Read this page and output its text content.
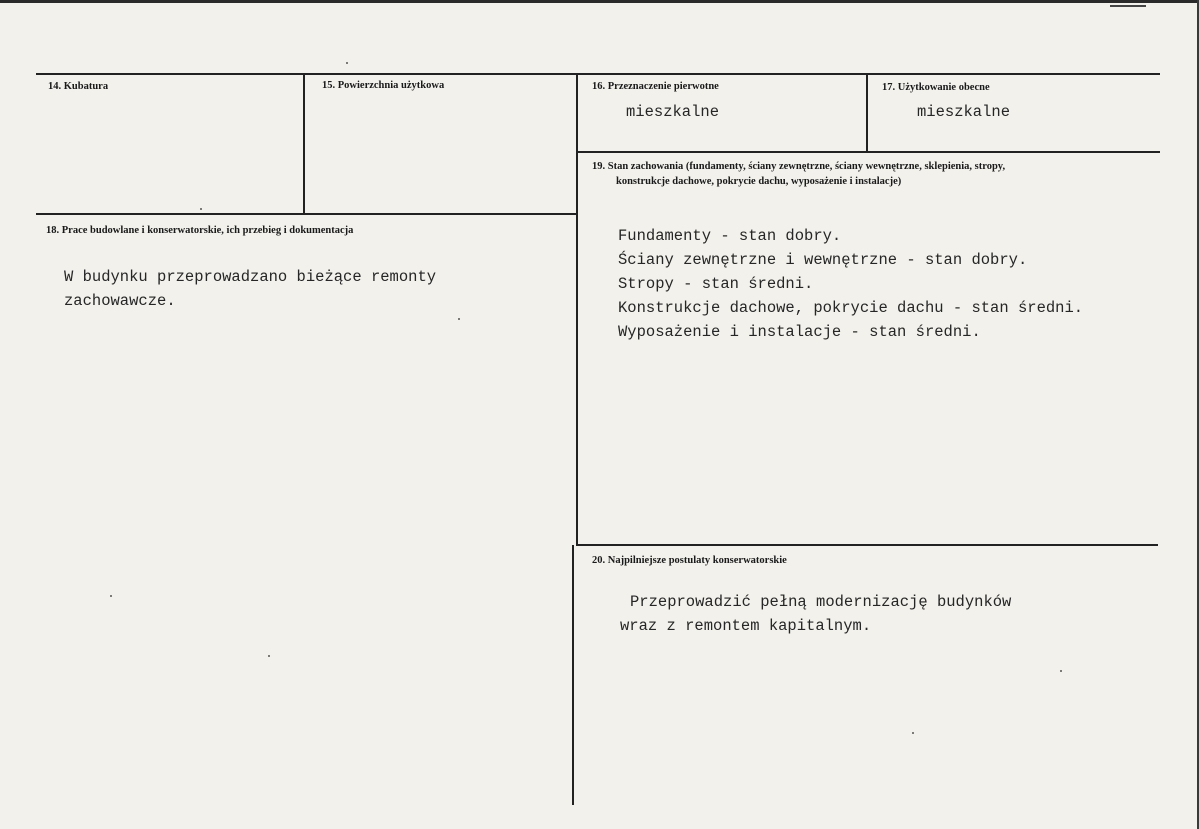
14. Kubatura	15. Powierzchnia użytkowa	16. Przeznaczenie pierwotne
mieszkalne
17. Użytkowanie obecne
mieszkalne
18. Prace budowlane i konserwatorskie, ich przebieg i dokumentacja
W budynku przeprowadzano bieżące remonty
zachowawcze.
19. Stan zachowania (fundamenty, ściany zewnętrzne, ściany wewnętrzne, sklepienia, stropy,
konstrukcje dachowe, pokrycie dachu, wyposażenie i instalacje)
Fundamenty - stan dobry.
Ściany zewnętrzne i wewnętrzne - stan dobry.
Stropy - stan średni.
Konstrukcje dachowe, pokrycie dachu - stan średni.
Wyposażenie i instalacje - stan średni.
20. Najpilniejsze postulaty konserwatorskie
Przeprowadzić pełną modernizację budynków
wraz z remontem kapitalnym.
